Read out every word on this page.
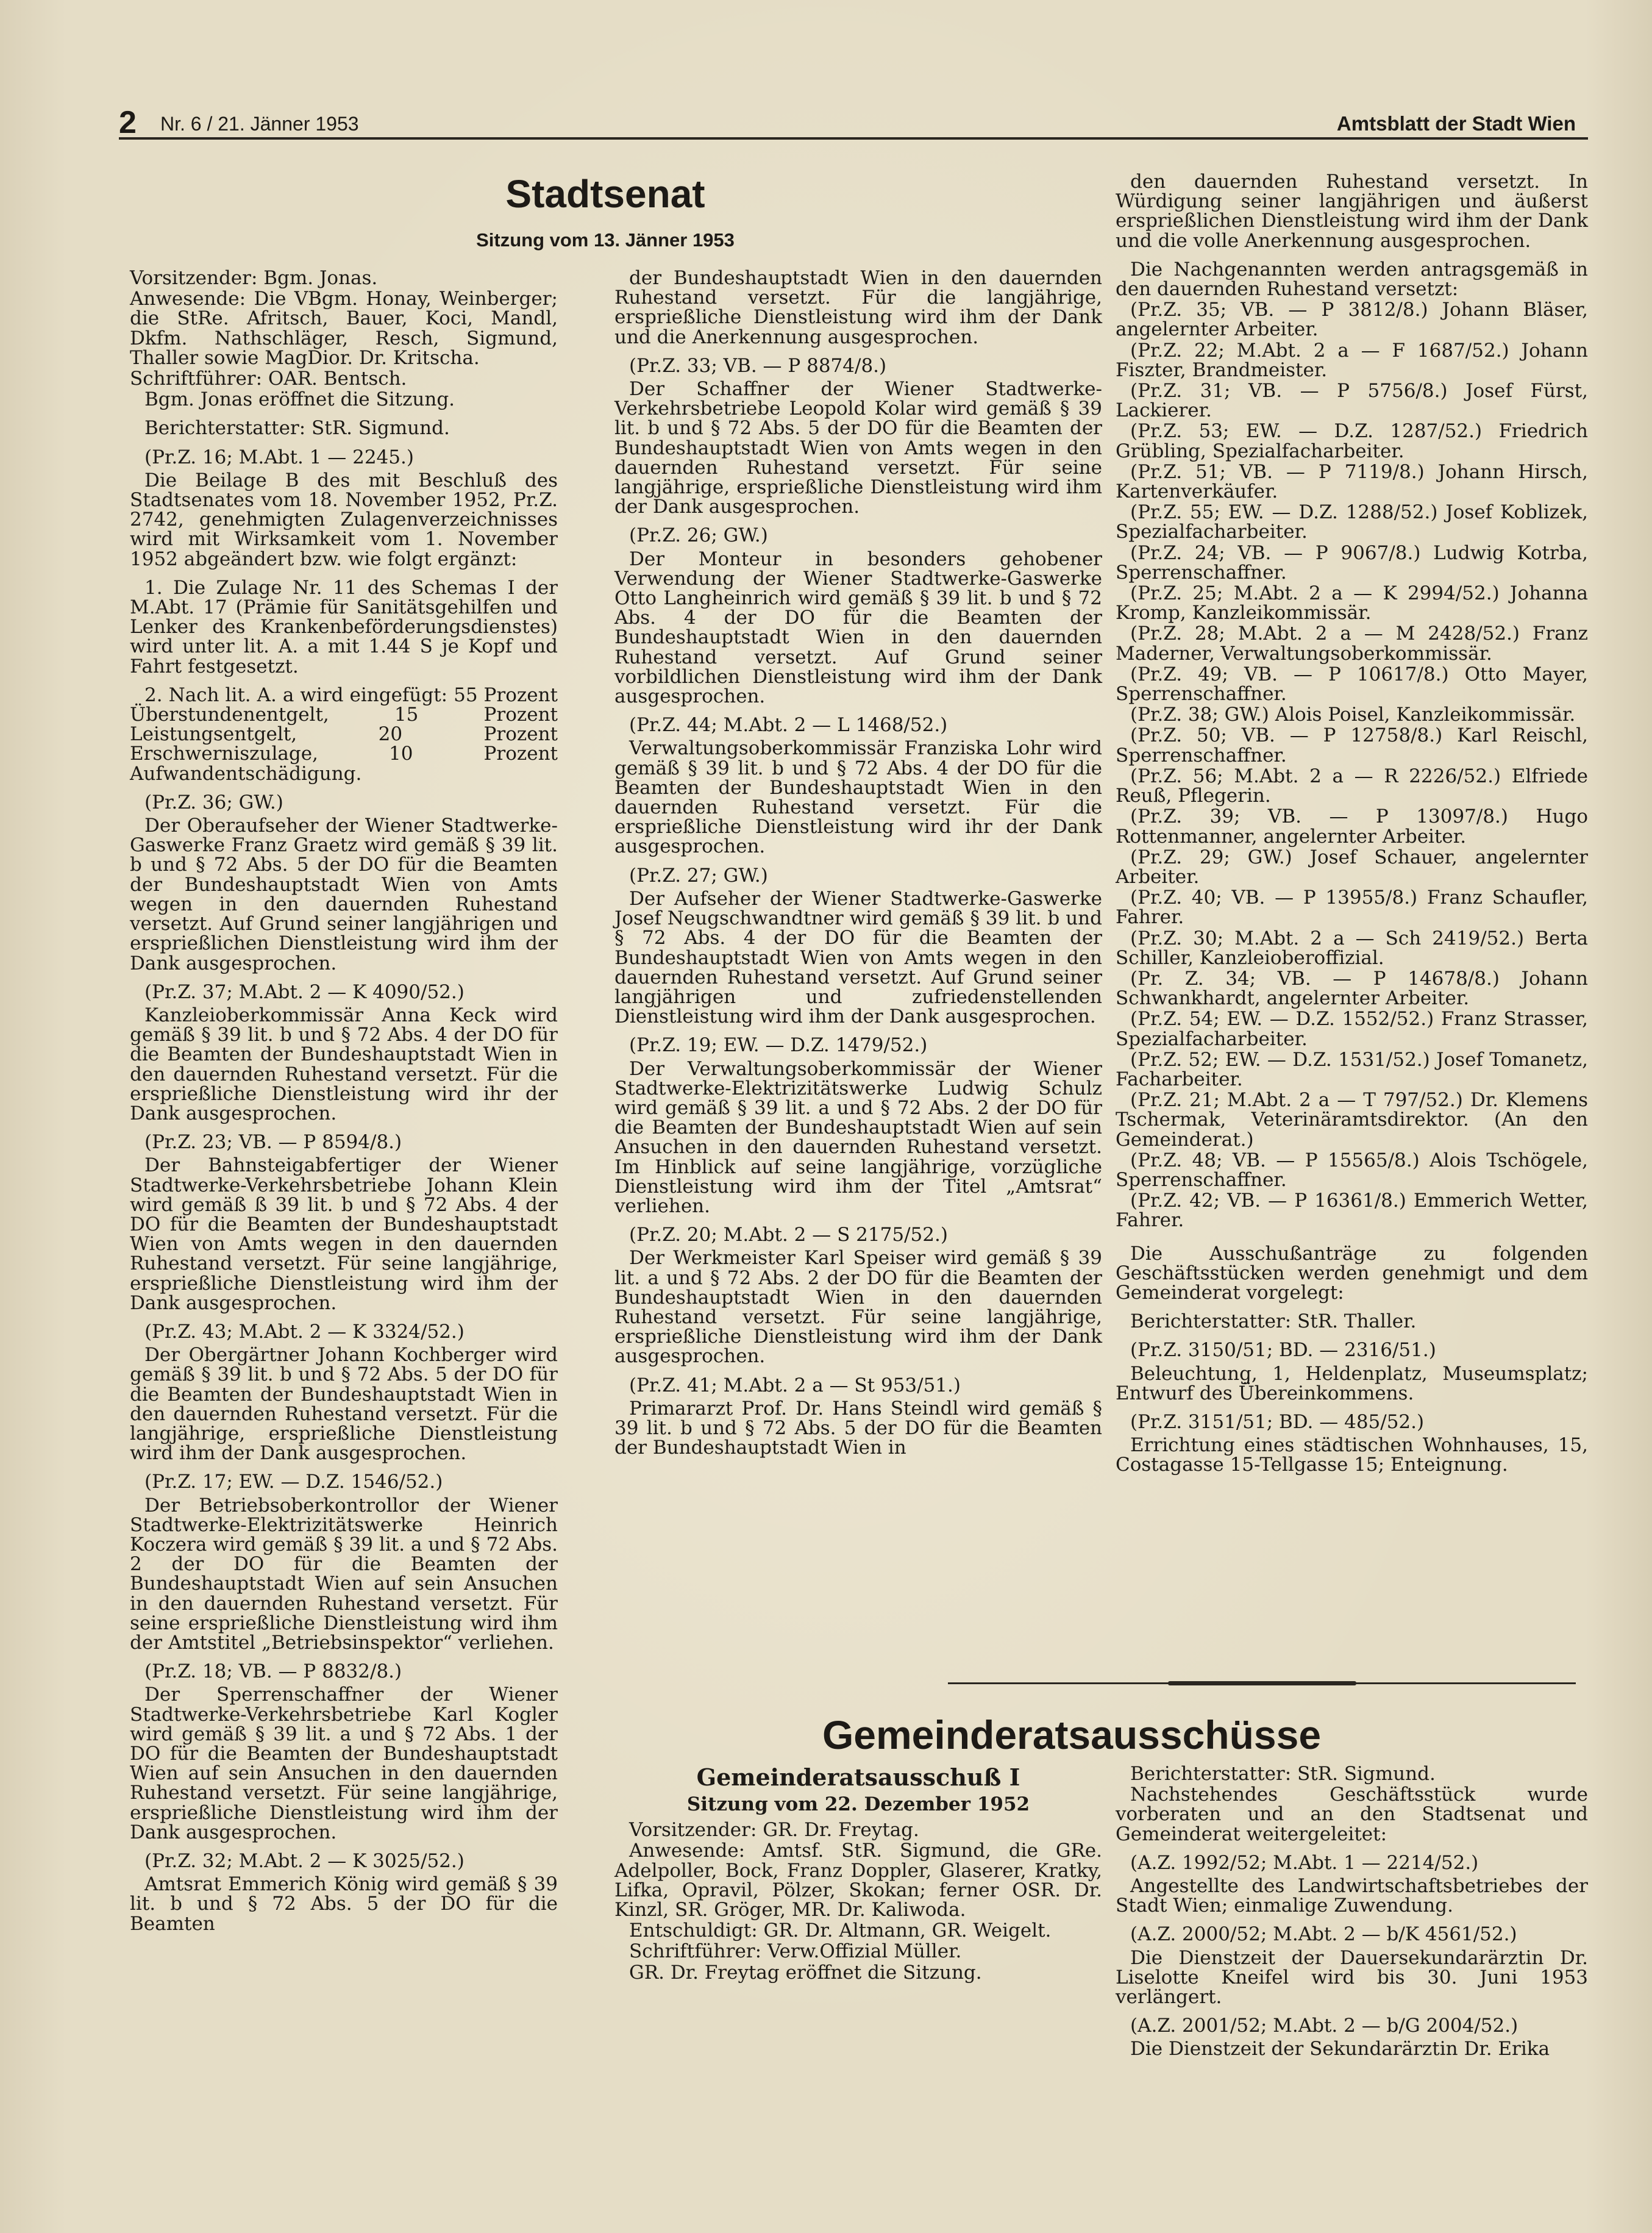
2 Nr. 6 / 21. Jänner 1953	Amtsblatt der Stadt Wien
Stadtsenat
Sitzung vom 13. Jänner 1953

Vorsitzender: Bgm. Jonas.

Anwesende: Die VBgm. Honay, Weinberger; die StRe. Afritsch, Bauer, Koci, Mandl, Dkfm. Nathschläger, Resch, Sigmund, Thaller sowie MagDior. Dr. Kritscha.

Schriftführer: OAR. Bentsch.

Bgm. Jonas eröffnet die Sitzung.

Berichterstatter: StR. Sigmund.

(Pr.Z. 16; M.Abt. 1 — 2245.)

Die Beilage B des mit Beschluß des Stadtsenates vom 18. November 1952, Pr.Z. 2742, genehmigten Zulagenverzeichnisses wird mit Wirksamkeit vom 1. November 1952 abgeändert bzw. wie folgt ergänzt:

1. Die Zulage Nr. 11 des Schemas I der M.Abt. 17 (Prämie für Sanitätsgehilfen und Lenker des Krankenbeförderungsdienstes) wird unter lit. A. a mit 1.44 S je Kopf und Fahrt festgesetzt.

2. Nach lit. A. a wird eingefügt: 55 Prozent Überstundenentgelt, 15 Prozent Leistungsentgelt, 20 Prozent Erschwerniszulage, 10 Prozent Aufwandentschädigung.

(Pr.Z. 36; GW.)

Der Oberaufseher der Wiener Stadtwerke-Gaswerke Franz Graetz wird gemäß § 39 lit. b und § 72 Abs. 5 der DO für die Beamten der Bundeshauptstadt Wien von Amts wegen in den dauernden Ruhestand versetzt. Auf Grund seiner langjährigen und ersprießlichen Dienstleistung wird ihm der Dank ausgesprochen.

(Pr.Z. 37; M.Abt. 2 — K 4090/52.)

Kanzleioberkommissär Anna Keck wird gemäß § 39 lit. b und § 72 Abs. 4 der DO für die Beamten der Bundeshauptstadt Wien in den dauernden Ruhestand versetzt. Für die ersprießliche Dienstleistung wird ihr der Dank ausgesprochen.

(Pr.Z. 23; VB. — P 8594/8.)

Der Bahnsteigabfertiger der Wiener Stadtwerke-Verkehrsbetriebe Johann Klein wird gemäß ß 39 lit. b und § 72 Abs. 4 der DO für die Beamten der Bundeshauptstadt Wien von Amts wegen in den dauernden Ruhestand versetzt. Für seine langjährige, ersprießliche Dienstleistung wird ihm der Dank ausgesprochen.

(Pr.Z. 43; M.Abt. 2 — K 3324/52.)

Der Obergärtner Johann Kochberger wird gemäß § 39 lit. b und § 72 Abs. 5 der DO für die Beamten der Bundeshauptstadt Wien in den dauernden Ruhestand versetzt. Für die langjährige, ersprießliche Dienstleistung wird ihm der Dank ausgesprochen.

(Pr.Z. 17; EW. — D.Z. 1546/52.)

Der Betriebsoberkontrollor der Wiener Stadtwerke-Elektrizitätswerke Heinrich Koczera wird gemäß § 39 lit. a und § 72 Abs. 2 der DO für die Beamten der Bundeshauptstadt Wien auf sein Ansuchen in den dauernden Ruhestand versetzt. Für seine ersprießliche Dienstleistung wird ihm der Amtstitel „Betriebsinspektor“ verliehen.

(Pr.Z. 18; VB. — P 8832/8.)

Der Sperrenschaffner der Wiener Stadtwerke-Verkehrsbetriebe Karl Kogler wird gemäß § 39 lit. a und § 72 Abs. 1 der DO für die Beamten der Bundeshauptstadt Wien auf sein Ansuchen in den dauernden Ruhestand versetzt. Für seine langjährige, ersprießliche Dienstleistung wird ihm der Dank ausgesprochen.

(Pr.Z. 32; M.Abt. 2 — K 3025/52.)

Amtsrat Emmerich König wird gemäß § 39 lit. b und § 72 Abs. 5 der DO für die Beamten

der Bundeshauptstadt Wien in den dauernden Ruhestand versetzt. Für die langjährige, ersprießliche Dienstleistung wird ihm der Dank und die Anerkennung ausgesprochen.

(Pr.Z. 33; VB. — P 8874/8.)

Der Schaffner der Wiener Stadtwerke-Verkehrsbetriebe Leopold Kolar wird gemäß § 39 lit. b und § 72 Abs. 5 der DO für die Beamten der Bundeshauptstadt Wien von Amts wegen in den dauernden Ruhestand versetzt. Für seine langjährige, ersprießliche Dienstleistung wird ihm der Dank ausgesprochen.

(Pr.Z. 26; GW.)

Der Monteur in besonders gehobener Verwendung der Wiener Stadtwerke-Gaswerke Otto Langheinrich wird gemäß § 39 lit. b und § 72 Abs. 4 der DO für die Beamten der Bundeshauptstadt Wien in den dauernden Ruhestand versetzt. Auf Grund seiner vorbildlichen Dienstleistung wird ihm der Dank ausgesprochen.

(Pr.Z. 44; M.Abt. 2 — L 1468/52.)

Verwaltungsoberkommissär Franziska Lohr wird gemäß § 39 lit. b und § 72 Abs. 4 der DO für die Beamten der Bundeshauptstadt Wien in den dauernden Ruhestand versetzt. Für die ersprießliche Dienstleistung wird ihr der Dank ausgesprochen.

(Pr.Z. 27; GW.)

Der Aufseher der Wiener Stadtwerke-Gaswerke Josef Neugschwandtner wird gemäß § 39 lit. b und § 72 Abs. 4 der DO für die Beamten der Bundeshauptstadt Wien von Amts wegen in den dauernden Ruhestand versetzt. Auf Grund seiner langjährigen und zufriedenstellenden Dienstleistung wird ihm der Dank ausgesprochen.

(Pr.Z. 19; EW. — D.Z. 1479/52.)

Der Verwaltungsoberkommissär der Wiener Stadtwerke-Elektrizitätswerke Ludwig Schulz wird gemäß § 39 lit. a und § 72 Abs. 2 der DO für die Beamten der Bundeshauptstadt Wien auf sein Ansuchen in den dauernden Ruhestand versetzt. Im Hinblick auf seine langjährige, vorzügliche Dienstleistung wird ihm der Titel „Amtsrat“ verliehen.

(Pr.Z. 20; M.Abt. 2 — S 2175/52.)

Der Werkmeister Karl Speiser wird gemäß § 39 lit. a und § 72 Abs. 2 der DO für die Beamten der Bundeshauptstadt Wien in den dauernden Ruhestand versetzt. Für seine langjährige, ersprießliche Dienstleistung wird ihm der Dank ausgesprochen.

(Pr.Z. 41; M.Abt. 2 a — St 953/51.)

Primararzt Prof. Dr. Hans Steindl wird gemäß § 39 lit. b und § 72 Abs. 5 der DO für die Beamten der Bundeshauptstadt Wien in

den dauernden Ruhestand versetzt. In Würdigung seiner langjährigen und äußerst ersprießlichen Dienstleistung wird ihm der Dank und die volle Anerkennung ausgesprochen.

Die Nachgenannten werden antragsgemäß in den dauernden Ruhestand versetzt:

(Pr.Z. 35; VB. — P 3812/8.) Johann Bläser, angelernter Arbeiter.

(Pr.Z. 22; M.Abt. 2 a — F 1687/52.) Johann Fiszter, Brandmeister.

(Pr.Z. 31; VB. — P 5756/8.) Josef Fürst, Lackierer.

(Pr.Z. 53; EW. — D.Z. 1287/52.) Friedrich Grübling, Spezialfacharbeiter.

(Pr.Z. 51; VB. — P 7119/8.) Johann Hirsch, Kartenverkäufer.

(Pr.Z. 55; EW. — D.Z. 1288/52.) Josef Koblizek, Spezialfacharbeiter.

(Pr.Z. 24; VB. — P 9067/8.) Ludwig Kotrba, Sperrenschaffner.

(Pr.Z. 25; M.Abt. 2 a — K 2994/52.) Johanna Kromp, Kanzleikommissär.

(Pr.Z. 28; M.Abt. 2 a — M 2428/52.) Franz Maderner, Verwaltungsoberkommissär.

(Pr.Z. 49; VB. — P 10617/8.) Otto Mayer, Sperrenschaffner.

(Pr.Z. 38; GW.) Alois Poisel, Kanzleikommissär.

(Pr.Z. 50; VB. — P 12758/8.) Karl Reischl, Sperrenschaffner.

(Pr.Z. 56; M.Abt. 2 a — R 2226/52.) Elfriede Reuß, Pflegerin.

(Pr.Z. 39; VB. — P 13097/8.) Hugo Rottenmanner, angelernter Arbeiter.

(Pr.Z. 29; GW.) Josef Schauer, angelernter Arbeiter.

(Pr.Z. 40; VB. — P 13955/8.) Franz Schaufler, Fahrer.

(Pr.Z. 30; M.Abt. 2 a — Sch 2419/52.) Berta Schiller, Kanzleioberoffizial.

(Pr. Z. 34; VB. — P 14678/8.) Johann Schwankhardt, angelernter Arbeiter.

(Pr.Z. 54; EW. — D.Z. 1552/52.) Franz Strasser, Spezialfacharbeiter.

(Pr.Z. 52; EW. — D.Z. 1531/52.) Josef Tomanetz, Facharbeiter.

(Pr.Z. 21; M.Abt. 2 a — T 797/52.) Dr. Klemens Tschermak, Veterinäramtsdirektor. (An den Gemeinderat.)

(Pr.Z. 48; VB. — P 15565/8.) Alois Tschögele, Sperrenschaffner.

(Pr.Z. 42; VB. — P 16361/8.) Emmerich Wetter, Fahrer.

Die Ausschußanträge zu folgenden Geschäftsstücken werden genehmigt und dem Gemeinderat vorgelegt:

Berichterstatter: StR. Thaller.

(Pr.Z. 3150/51; BD. — 2316/51.)

Beleuchtung, 1, Heldenplatz, Museumsplatz; Entwurf des Übereinkommens.

(Pr.Z. 3151/51; BD. — 485/52.)

Errichtung eines städtischen Wohnhauses, 15, Costagasse 15-Tellgasse 15; Enteignung.

Gemeinderatsausschüsse

Gemeinderatsausschuß I

Sitzung vom 22. Dezember 1952

Vorsitzender: GR. Dr. Freytag.

Anwesende: Amtsf. StR. Sigmund, die GRe. Adelpoller, Bock, Franz Doppler, Glaserer, Kratky, Lifka, Opravil, Pölzer, Skokan; ferner OSR. Dr. Kinzl, SR. Gröger, MR. Dr. Kaliwoda.

Entschuldigt: GR. Dr. Altmann, GR. Weigelt.

Schriftführer: Verw.Offizial Müller.

GR. Dr. Freytag eröffnet die Sitzung.

Berichterstatter: StR. Sigmund.

Nachstehendes Geschäftsstück wurde vorberaten und an den Stadtsenat und Gemeinderat weitergeleitet:

(A.Z. 1992/52; M.Abt. 1 — 2214/52.)

Angestellte des Landwirtschaftsbetriebes der Stadt Wien; einmalige Zuwendung.

(A.Z. 2000/52; M.Abt. 2 — b/K 4561/52.)

Die Dienstzeit der Dauersekundarärztin Dr. Liselotte Kneifel wird bis 30. Juni 1953 verlängert.

(A.Z. 2001/52; M.Abt. 2 — b/G 2004/52.)

Die Dienstzeit der Sekundarärztin Dr. Erika
